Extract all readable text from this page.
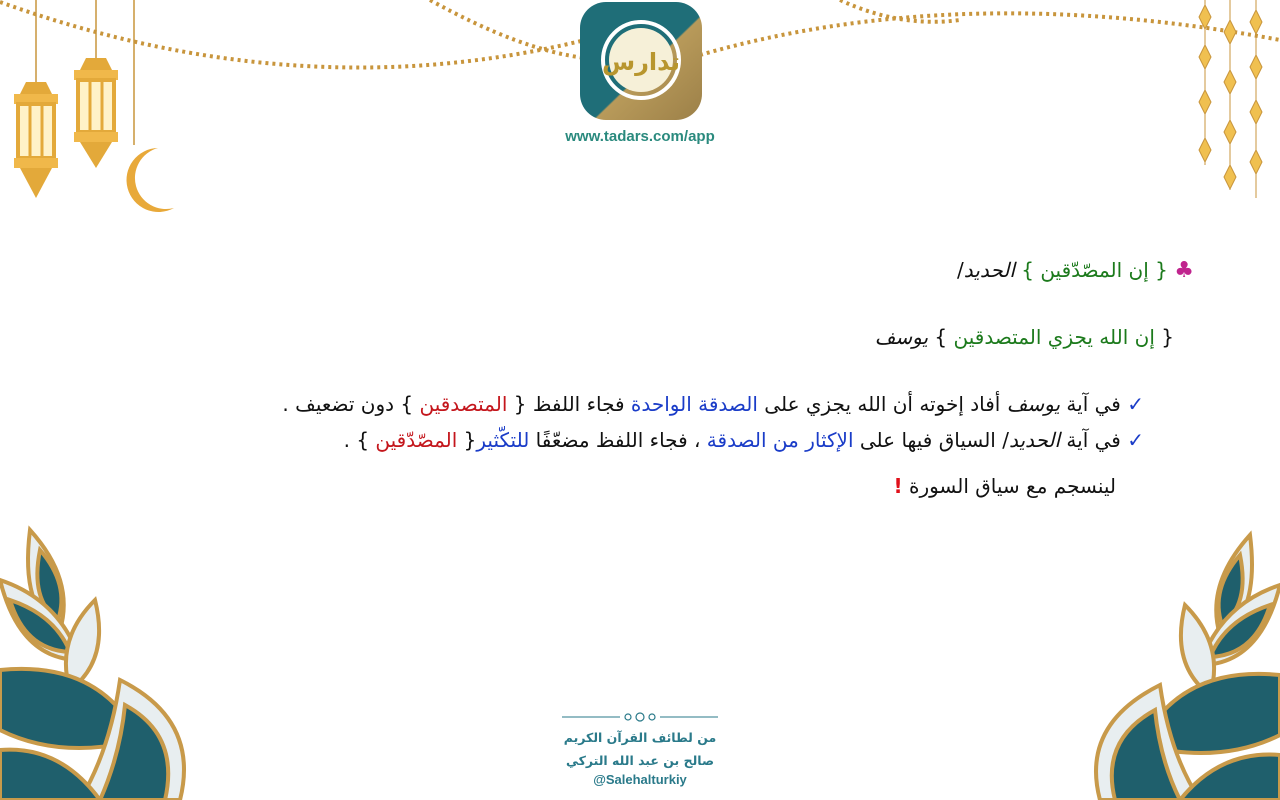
تدارس
www.tadars.com/app
♣ { إن المصّدّقين } الحديد/
{ إن الله يجزي المتصدقين } يوسف
✓ في آية يوسف أفاد إخوته أن الله يجزي على الصدقة الواحدة فجاء اللفظ { المتصدقين } دون تضعيف .
✓ في آية الحديد/ السياق فيها على الإكثار من الصدقة ، فجاء اللفظ مضعّفًا للتكّثير{ المصّدّقين } .
لينسجم مع سياق السورة !
من لطائف القرآن الكريم
صالح بن عبد الله التركي
@Salehalturkiy
